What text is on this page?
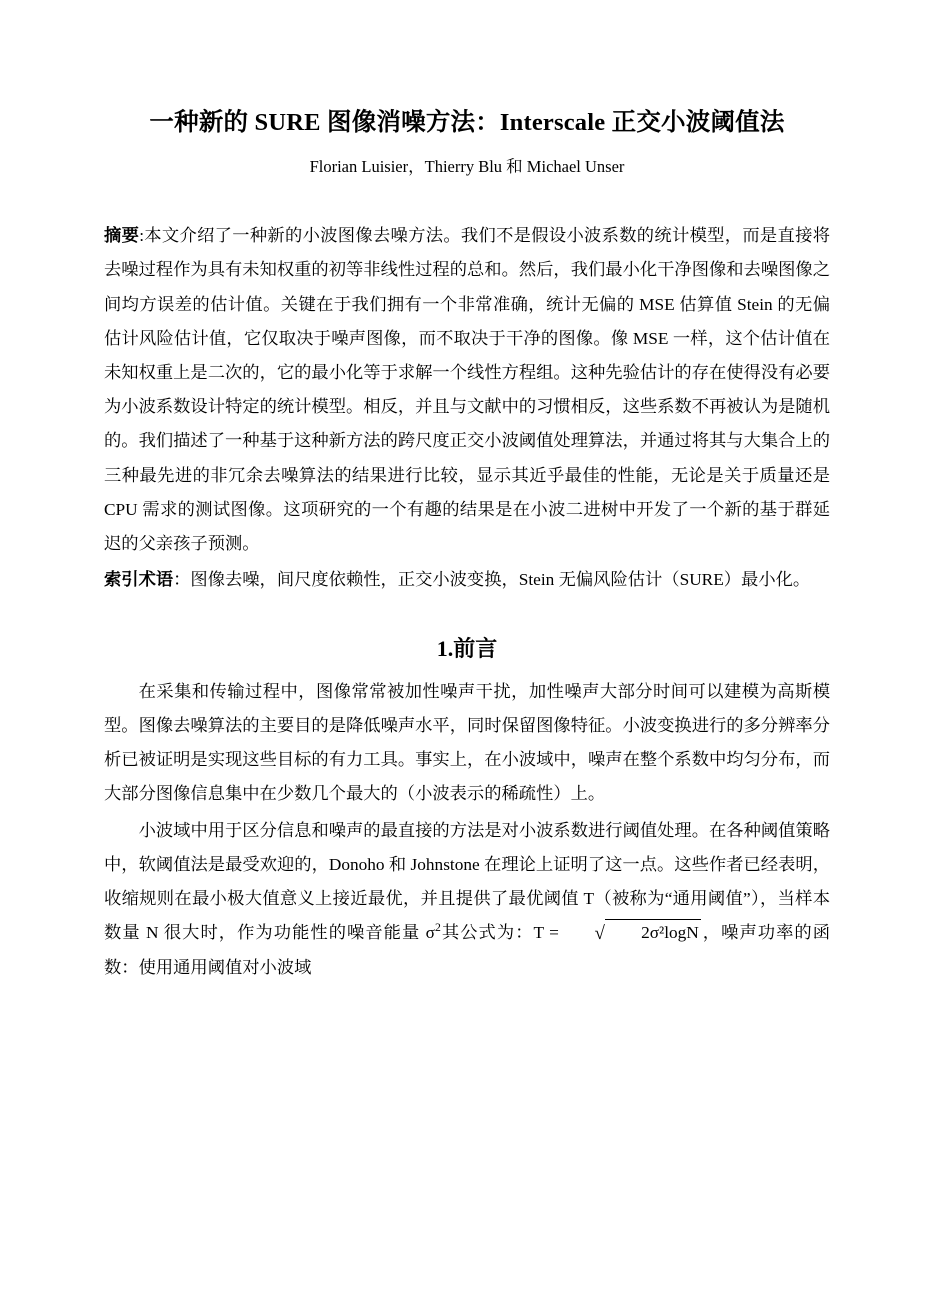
一种新的 SURE 图像消噪方法：Interscale 正交小波阈值法
Florian Luisier，Thierry Blu 和 Michael Unser
摘要:本文介绍了一种新的小波图像去噪方法。我们不是假设小波系数的统计模型，而是直接将去噪过程作为具有未知权重的初等非线性过程的总和。然后，我们最小化干净图像和去噪图像之间均方误差的估计值。关键在于我们拥有一个非常准确，统计无偏的 MSE 估算值 Stein 的无偏估计风险估计值，它仅取决于噪声图像，而不取决于干净的图像。像 MSE 一样，这个估计值在未知权重上是二次的，它的最小化等于求解一个线性方程组。这种先验估计的存在使得没有必要为小波系数设计特定的统计模型。相反，并且与文献中的习惯相反，这些系数不再被认为是随机的。我们描述了一种基于这种新方法的跨尺度正交小波阈值处理算法，并通过将其与大集合上的三种最先进的非冗余去噪算法的结果进行比较，显示其近乎最佳的性能，无论是关于质量还是 CPU 需求的测试图像。这项研究的一个有趣的结果是在小波二进树中开发了一个新的基于群延迟的父亲孩子预测。
索引术语：图像去噪，间尺度依赖性，正交小波变换，Stein 无偏风险估计（SURE）最小化。
1.前言

在采集和传输过程中，图像常常被加性噪声干扰，加性噪声大部分时间可以建模为高斯模型。图像去噪算法的主要目的是降低噪声水平，同时保留图像特征。小波变换进行的多分辨率分析已被证明是实现这些目标的有力工具。事实上，在小波域中，噪声在整个系数中均匀分布，而大部分图像信息集中在少数几个最大的（小波表示的稀疏性）上。

小波域中用于区分信息和噪声的最直接的方法是对小波系数进行阈值处理。在各种阈值策略中，软阈值法是最受欢迎的，Donoho 和 Johnstone 在理论上证明了这一点。这些作者已经表明，收缩规则在最小极大值意义上接近最优，并且提供了最优阈值 T（被称为“通用阈值”），当样本数量 N 很大时，作为功能性的噪音能量 $\sigma^2$其公式为：T =	√ 2σ²logN ，噪声功率的函数：使用通用阈值对小波域
